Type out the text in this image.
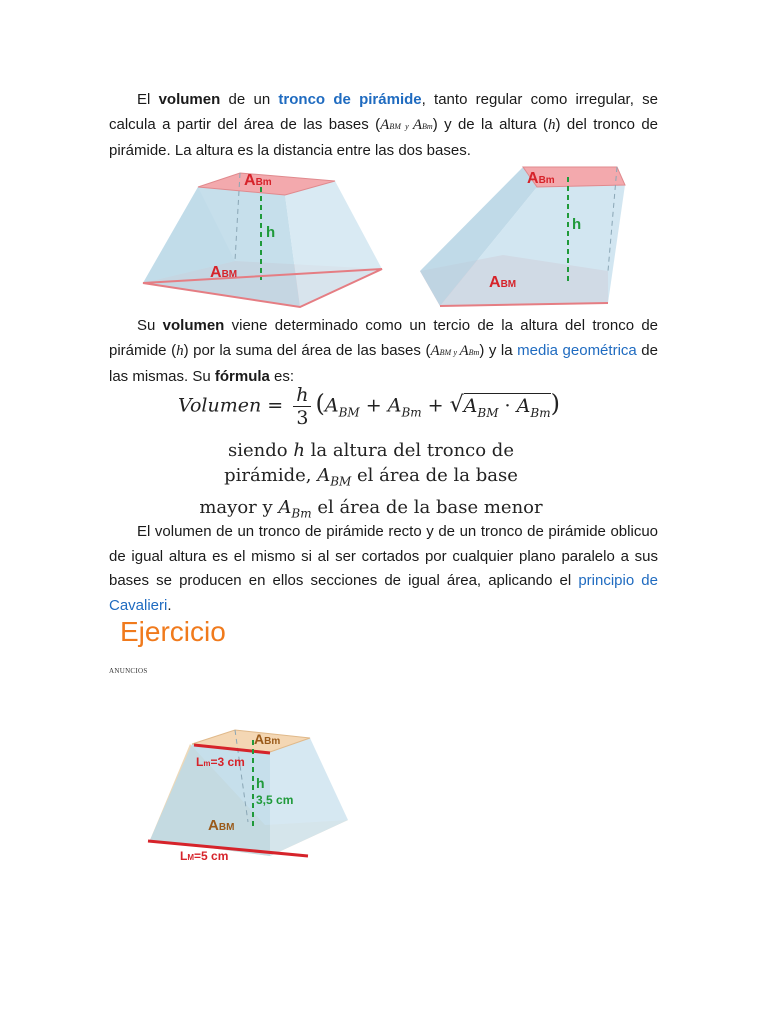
El volumen de un tronco de pirámide, tanto regular como irregular, se calcula a partir del área de las bases (ABM y ABm) y de la altura (h) del tronco de pirámide. La altura es la distancia entre las dos bases.
ABm
h
ABM
ABm
h
ABM
Su volumen viene determinado como un tercio de la altura del tronco de pirámide (h) por la suma del área de las bases (ABM y ABm) y la media geométrica de las mismas. Su fórmula es:
Volumen = $\frac{h}{3} (A_{BM} + A_{Bm} + √A_{BM} \cdot A_{Bm})$
siendo h la altura del tronco de
pirámide, $A_{BM}$ el área de la base
mayor y $A_{Bm}$ el área de la base menor
El volumen de un tronco de pirámide recto y de un tronco de pirámide oblicuo de igual altura es el mismo si al ser cortados por cualquier plano paralelo a sus bases se producen en ellos secciones de igual área, aplicando el principio de Cavalieri.
Ejercicio
ANUNCIOS
ABm
Lm=3 cm
h
3,5 cm
ABM
LM=5 cm
